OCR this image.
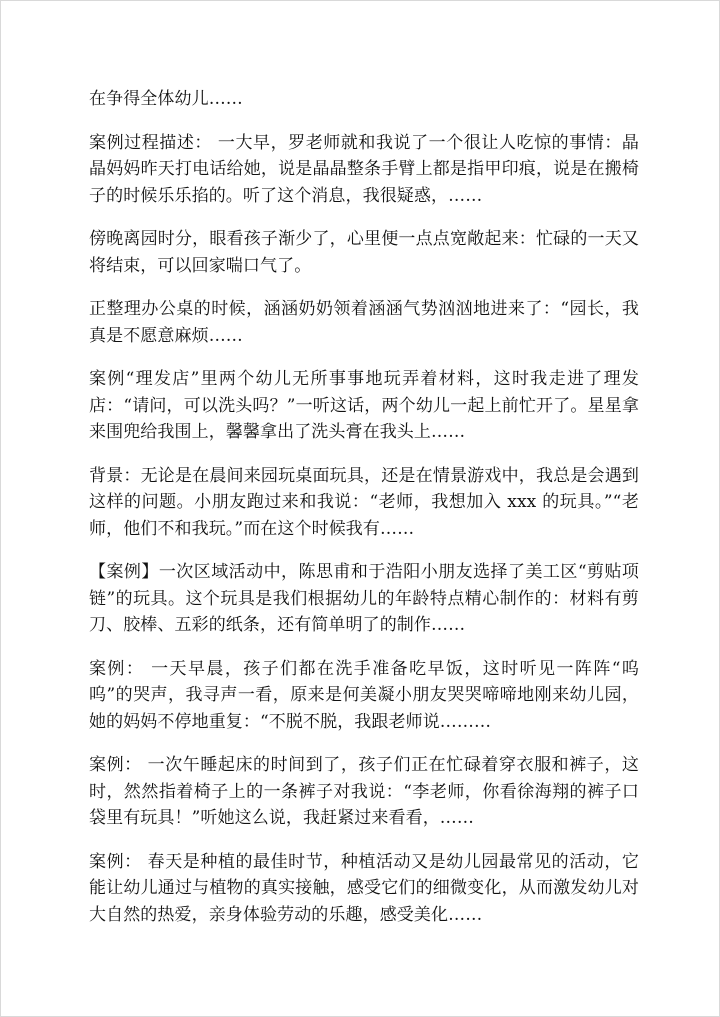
在争得全体幼儿……

案例过程描述： 一大早，罗老师就和我说了一个很让人吃惊的事情：晶晶妈妈昨天打电话给她，说是晶晶整条手臂上都是指甲印痕，说是在搬椅子的时候乐乐掐的。听了这个消息，我很疑惑，……

傍晚离园时分，眼看孩子渐少了，心里便一点点宽敞起来：忙碌的一天又将结束，可以回家喘口气了。

正整理办公桌的时候，涵涵奶奶领着涵涵气势汹汹地进来了：“园长，我真是不愿意麻烦……

案例“理发店”里两个幼儿无所事事地玩弄着材料，这时我走进了理发店：“请问，可以洗头吗？”一听这话，两个幼儿一起上前忙开了。星星拿来围兜给我围上，馨馨拿出了洗头膏在我头上……

背景：无论是在晨间来园玩桌面玩具，还是在情景游戏中，我总是会遇到这样的问题。小朋友跑过来和我说：“老师，我想加入 xxx 的玩具。”“老师，他们不和我玩。”而在这个时候我有……

【案例】一次区域活动中，陈思甫和于浩阳小朋友选择了美工区“剪贴项链”的玩具。这个玩具是我们根据幼儿的年龄特点精心制作的：材料有剪刀、胶棒、五彩的纸条，还有简单明了的制作……

案例： 一天早晨，孩子们都在洗手准备吃早饭，这时听见一阵阵“呜呜”的哭声，我寻声一看，原来是何美凝小朋友哭哭啼啼地刚来幼儿园，她的妈妈不停地重复：“不脱不脱，我跟老师说………

案例： 一次午睡起床的时间到了，孩子们正在忙碌着穿衣服和裤子，这时，然然指着椅子上的一条裤子对我说：“李老师，你看徐海翔的裤子口袋里有玩具！”听她这么说，我赶紧过来看看，……

案例： 春天是种植的最佳时节，种植活动又是幼儿园最常见的活动，它能让幼儿通过与植物的真实接触，感受它们的细微变化，从而激发幼儿对大自然的热爱，亲身体验劳动的乐趣，感受美化……
